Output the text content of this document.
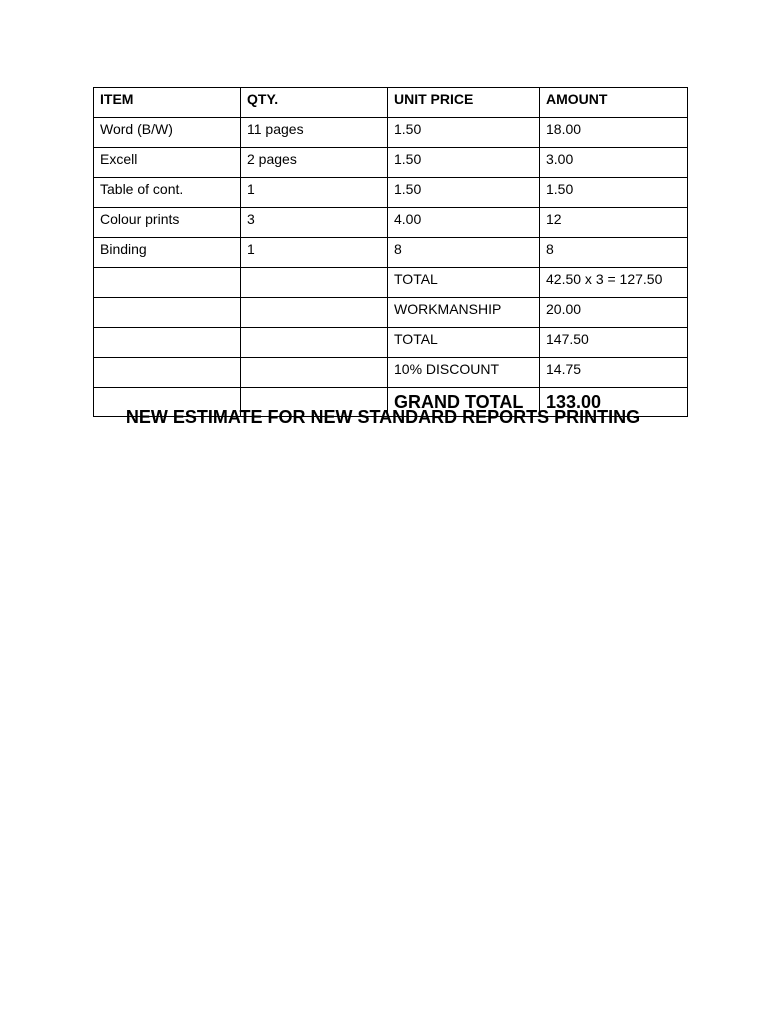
ITEM	QTY.	UNIT PRICE	AMOUNT
Word (B/W)	11 pages	1.50	18.00
Excell	2 pages	1.50	3.00
Table of cont.	1	1.50	1.50
Colour prints	3	4.00	12
Binding	1	8	8
		TOTAL	42.50 x 3 = 127.50
		WORKMANSHIP	20.00
		TOTAL	147.50
		10% DISCOUNT	14.75
		GRAND TOTAL	133.00
NEW ESTIMATE FOR NEW STANDARD REPORTS PRINTING
